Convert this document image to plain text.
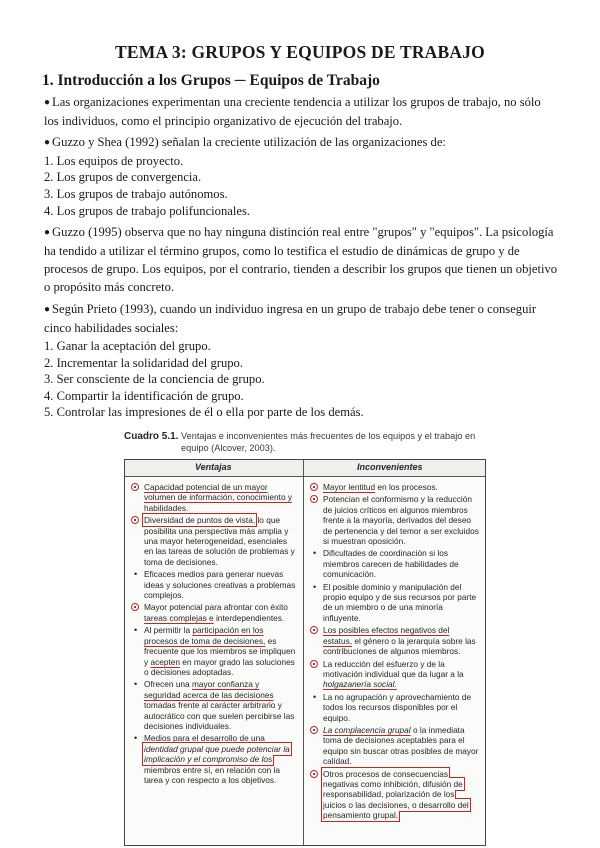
TEMA 3: GRUPOS Y EQUIPOS DE TRABAJO
1. Introducción a los Grupos ─ Equipos de Trabajo

● Las organizaciones experimentan una creciente tendencia a utilizar los grupos de trabajo, no sólo los individuos, como el principio organizativo de ejecución del trabajo.

● Guzzo y Shea (1992) señalan la creciente utilización de las organizaciones de:

1. Los equipos de proyecto.

2. Los grupos de convergencia.

3. Los grupos de trabajo autónomos.

4. Los grupos de trabajo polifuncionales.

● Guzzo (1995) observa que no hay ninguna distinción real entre "grupos" y "equipos". La psicología ha tendido a utilizar el término grupos, como lo testifica el estudio de dinámicas de grupo y de procesos de grupo. Los equipos, por el contrario, tienden a describir los grupos que tienen un objetivo o propósito más concreto.

● Según Prieto (1993), cuando un individuo ingresa en un grupo de trabajo debe tener o conseguir cinco habilidades sociales:

1. Ganar la aceptación del grupo.

2. Incrementar la solidaridad del grupo.

3. Ser consciente de la conciencia de grupo.

4. Compartir la identificación de grupo.

5. Controlar las impresiones de él o ella por parte de los demás.

Cuadro 5.1. Ventajas e inconvenientes más frecuentes de los equipos y el trabajo en equipo (Alcover, 2003).
Ventajas	Inconvenientes
Capacidad potencial de un mayor volumen de información, conocimiento y habilidades.
Diversidad de puntos de vista, lo que posibilita una perspectiva más amplia y una mayor heterogeneidad, esenciales en las tareas de solución de problemas y toma de decisiones.
• Eficaces medios para generar nuevas ideas y soluciones creativas a problemas complejos.
Mayor potencial para afrontar con éxito tareas complejas e interdependientes.
• Al permitir la participación en los procesos de toma de decisiones, es frecuente que los miembros se impliquen y acepten en mayor grado las soluciones o decisiones adoptadas.
• Ofrecen una mayor confianza y seguridad acerca de las decisiones tomadas frente al carácter arbitrario y autocrático con que suelen percibirse las decisiones individuales.
• Medios para el desarrollo de una identidad grupal que puede potenciar la implicación y el compromiso de los miembros entre sí, en relación con la tarea y con respecto a los objetivos.
Mayor lentitud en los procesos.
Potencian el conformismo y la reducción de juicios críticos en algunos miembros frente a la mayoría, derivados del deseo de pertenencia y del temor a ser excluidos si muestran oposición.
• Dificultades de coordinación si los miembros carecen de habilidades de comunicación.
• El posible dominio y manipulación del propio equipo y de sus recursos por parte de un miembro o de una minoría influyente.
Los posibles efectos negativos del estatus, el género o la jerarquía sobre las contribuciones de algunos miembros.
La reducción del esfuerzo y de la motivación individual que da lugar a la holgazanería social.
• La no agrupación y aprovechamiento de todos los recursos disponibles por el equipo.
La complacencia grupal o la inmediata toma de decisiones aceptables para el equipo sin buscar otras posibles de mayor calidad.
Otros procesos de consecuencias negativas como inhibición, difusión de responsabilidad, polarización de los juicios o las decisiones, o desarrollo del pensamiento grupal.
